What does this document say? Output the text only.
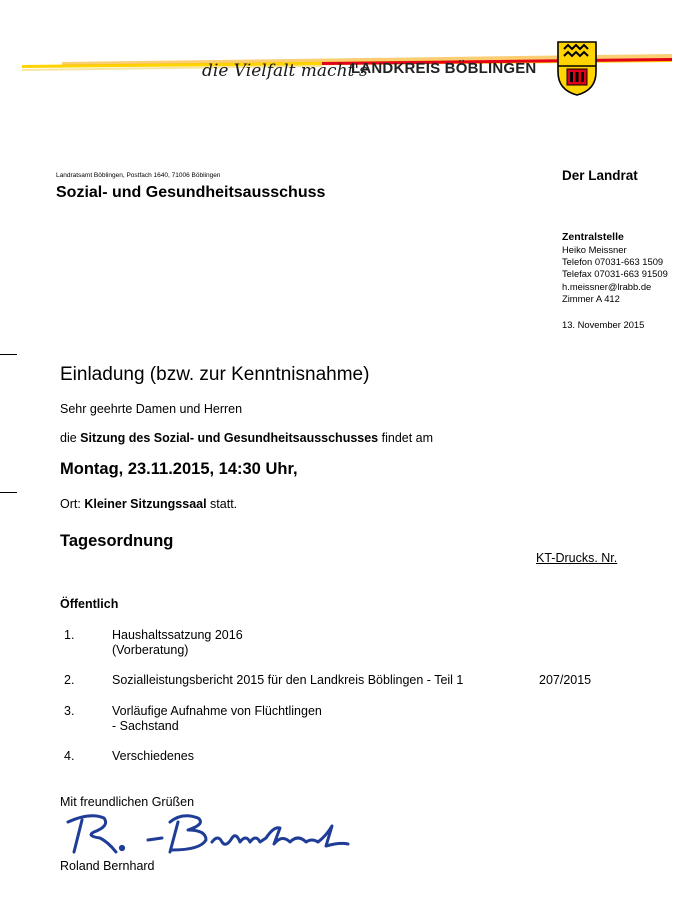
die Vielfalt macht's
LANDKREIS BÖBLINGEN
Landratsamt Böblingen, Postfach 1640, 71006 Böblingen
Sozial- und Gesundheitsausschuss
Der Landrat
Zentralstelle
Heiko Meissner
Telefon 07031-663 1509
Telefax 07031-663 91509
h.meissner@lrabb.de
Zimmer A 412
13. November 2015
Einladung (bzw. zur Kenntnisnahme)
Sehr geehrte Damen und Herren
die Sitzung des Sozial- und Gesundheitsausschusses findet am
Montag, 23.11.2015, 14:30 Uhr,
Ort: Kleiner Sitzungssaal statt.
Tagesordnung
KT-Drucks. Nr.
Öffentlich
1.	Haushaltssatzung 2016
(Vorberatung)
2.	Sozialleistungsbericht 2015 für den Landkreis Böblingen - Teil 1	207/2015
3.	Vorläufige Aufnahme von Flüchtlingen
- Sachstand
4.	Verschiedenes
Mit freundlichen Grüßen
Roland Bernhard
